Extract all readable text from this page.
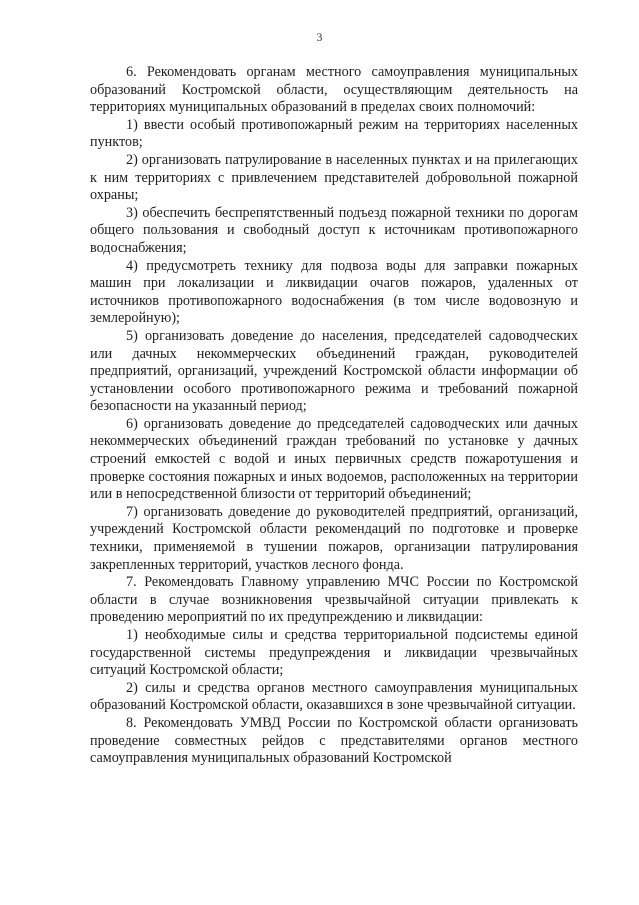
3

6. Рекомендовать органам местного самоуправления муниципальных образований Костромской области, осуществляющим деятельность на территориях муниципальных образований в пределах своих полномочий:

1) ввести особый противопожарный режим на территориях населенных пунктов;

2) организовать патрулирование в населенных пунктах и на прилегающих к ним территориях с привлечением представителей добровольной пожарной охраны;

3) обеспечить беспрепятственный подъезд пожарной техники по дорогам общего пользования и свободный доступ к источникам противопожарного водоснабжения;

4) предусмотреть технику для подвоза воды для заправки пожарных машин при локализации и ликвидации очагов пожаров, удаленных от источников противопожарного водоснабжения (в том числе водовозную и землеройную);

5) организовать доведение до населения, председателей садоводческих или дачных некоммерческих объединений граждан, руководителей предприятий, организаций, учреждений Костромской области информации об установлении особого противопожарного режима и требований пожарной безопасности на указанный период;

6) организовать доведение до председателей садоводческих или дачных некоммерческих объединений граждан требований по установке у дачных строений емкостей с водой и иных первичных средств пожаротушения и проверке состояния пожарных и иных водоемов, расположенных на территории или в непосредственной близости от территорий объединений;

7) организовать доведение до руководителей предприятий, организаций, учреждений Костромской области рекомендаций по подготовке и проверке техники, применяемой в тушении пожаров, организации патрулирования закрепленных территорий, участков лесного фонда.

7. Рекомендовать Главному управлению МЧС России по Костромской области в случае возникновения чрезвычайной ситуации привлекать к проведению мероприятий по их предупреждению и ликвидации:

1) необходимые силы и средства территориальной подсистемы единой государственной системы предупреждения и ликвидации чрезвычайных ситуаций Костромской области;

2) силы и средства органов местного самоуправления муниципальных образований Костромской области, оказавшихся в зоне чрезвычайной ситуации.

8. Рекомендовать УМВД России по Костромской области организовать проведение совместных рейдов с представителями органов местного самоуправления муниципальных образований Костромской
